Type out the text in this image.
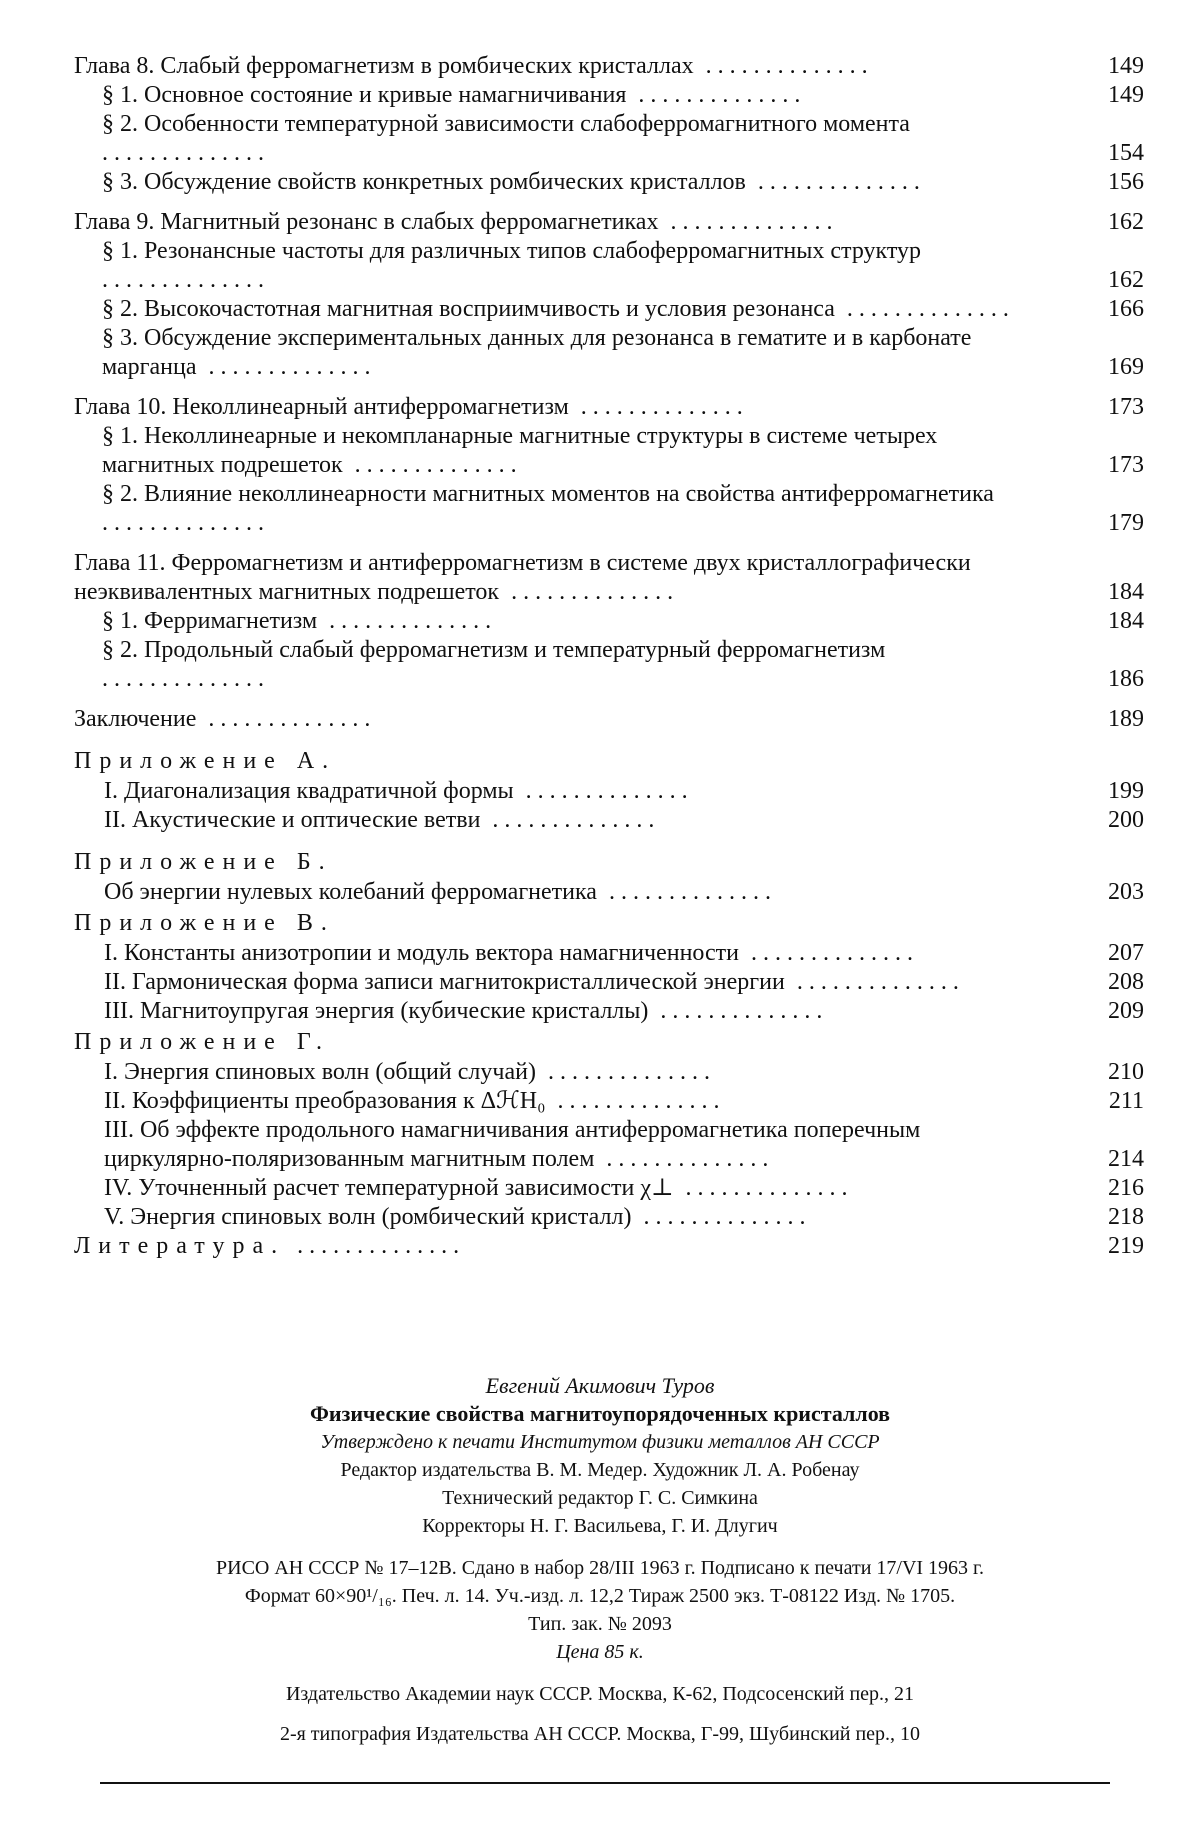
Глава 8. Слабый ферромагнетизм в ромбических кристаллах ..............	149
§ 1. Основное состояние и кривые намагничивания ..............	149
§ 2. Особенности температурной зависимости слабоферромагнитного момента ..............	154
§ 3. Обсуждение свойств конкретных ромбических кристаллов ..............	156
Глава 9. Магнитный резонанс в слабых ферромагнетиках ..............	162
§ 1. Резонансные частоты для различных типов слабоферромагнитных структур ..............	162
§ 2. Высокочастотная магнитная восприимчивость и условия резонанса ..............	166
§ 3. Обсуждение экспериментальных данных для резонанса в гематите и в карбонате марганца ..............	169
Глава 10. Неколлинеарный антиферромагнетизм ..............	173
§ 1. Неколлинеарные и некомпланарные магнитные структуры в системе четырех магнитных подрешеток ..............	173
§ 2. Влияние неколлинеарности магнитных моментов на свойства антиферромагнетика ..............	179
Глава 11. Ферромагнетизм и антиферромагнетизм в системе двух кристаллографически неэквивалентных магнитных подрешеток ..............	184
§ 1. Ферримагнетизм ..............	184
§ 2. Продольный слабый ферромагнетизм и температурный ферромагнетизм ..............	186
Заключение ..............	189
Приложение А.
I. Диагонализация квадратичной формы ..............	199
II. Акустические и оптические ветви ..............	200
Приложение Б.
Об энергии нулевых колебаний ферромагнетика ..............	203
Приложение В.
I. Константы анизотропии и модуль вектора намагниченности ..............	207
II. Гармоническая форма записи магнитокристаллической энергии ..............	208
III. Магнитоупругая энергия (кубические кристаллы) ..............	209
Приложение Г.
I. Энергия спиновых волн (общий случай) ..............	210
II. Коэффициенты преобразования к ΔℋH₀ ..............	211
III. Об эффекте продольного намагничивания антиферромагнетика поперечным циркулярно-поляризованным магнитным полем ..............	214
IV. Уточненный расчет температурной зависимости χ⊥ ..............	216
V. Энергия спиновых волн (ромбический кристалл) ..............	218
Литература. ..............	219
Евгений Акимович Туров
Физические свойства магнитоупорядоченных кристаллов
Утверждено к печати Институтом физики металлов АН СССР
Редактор издательства В. М. Медер. Художник Л. А. Робенау
Технический редактор Г. С. Симкина
Корректоры Н. Г. Васильева, Г. И. Длугич
РИСО АН СССР № 17–12В. Сдано в набор 28/III 1963 г. Подписано к печати 17/VI 1963 г.
Формат 60×90¹/₁₆. Печ. л. 14. Уч.-изд. л. 12,2 Тираж 2500 экз. Т-08122 Изд. № 1705.
Тип. зак. № 2093
Цена 85 к.
Издательство Академии наук СССР. Москва, К-62, Подсосенский пер., 21
2-я типография Издательства АН СССР. Москва, Г-99, Шубинский пер., 10
